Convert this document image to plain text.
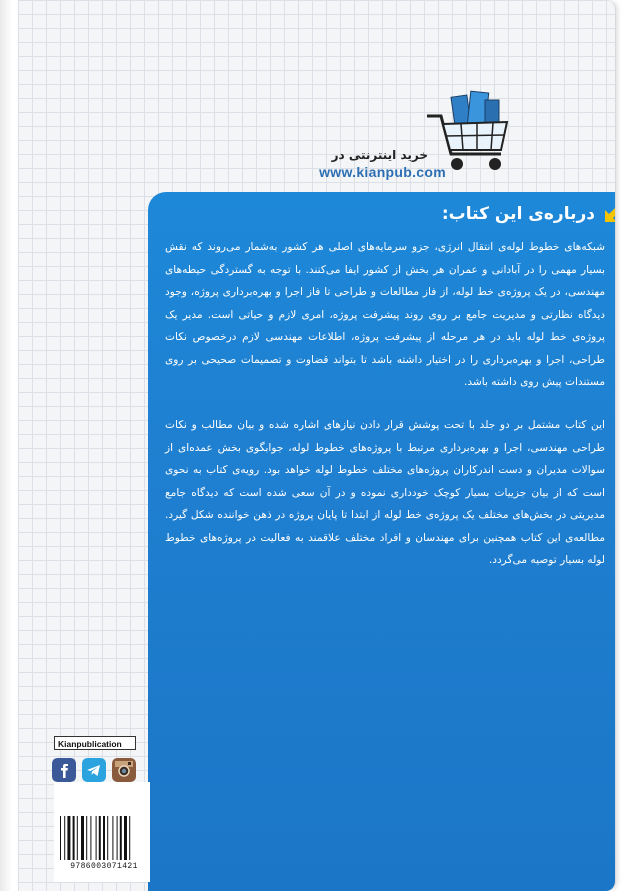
خرید اینترنتی در
www.kianpub.com
درباره‌ی این کتاب:
شبکه‌های خطوط لوله‌ی انتقال انرژی، جزو سرمایه‌های اصلی هر کشور به‌شمار می‌روند که نقش بسیار مهمی را در آبادانی و عمران هر بخش از کشور ایفا می‌کنند. با توجه به گستردگی حیطه‌های مهندسی، در یک پروژه‌ی خط لوله، از فاز مطالعات و طراحی تا فاز اجرا و بهره‌برداری پروژه، وجود دیدگاه نظارتی و مدیریت جامع بر روی روند پیشرفت پروژه، امری لازم و حیاتی است. مدیر یک پروژه‌ی خط لوله باید در هر مرحله از پیشرفت پروژه، اطلاعات مهندسی لازم درخصوص نکات طراحی، اجرا و بهره‌برداری را در اختیار داشته باشد تا بتواند قضاوت و تصمیمات صحیحی بر روی مستندات پیش روی داشته باشد.
این کتاب مشتمل بر دو جلد با تحت پوشش قرار دادن نیازهای اشاره شده و بیان مطالب و نکات طراحی مهندسی، اجرا و بهره‌برداری مرتبط با پروژه‌های خطوط لوله، جوابگوی بخش عمده‌ای از سوالات مدیران و دست اندرکاران پروژه‌های مختلف خطوط لوله خواهد بود. رویه‌ی کتاب به نحوی است که از بیان جزییات بسیار کوچک خودداری نموده و در آن سعی شده است که دیدگاه جامع مدیریتی در بخش‌های مختلف یک پروژه‌ی خط لوله از ابتدا تا پایان پروژه در ذهن خواننده شکل گیرد. مطالعه‌ی این کتاب همچنین برای مهندسان و افراد مختلف علاقمند به فعالیت در پروژه‌های خطوط لوله بسیار توصیه می‌گردد.
Kianpublication
9786003071421
